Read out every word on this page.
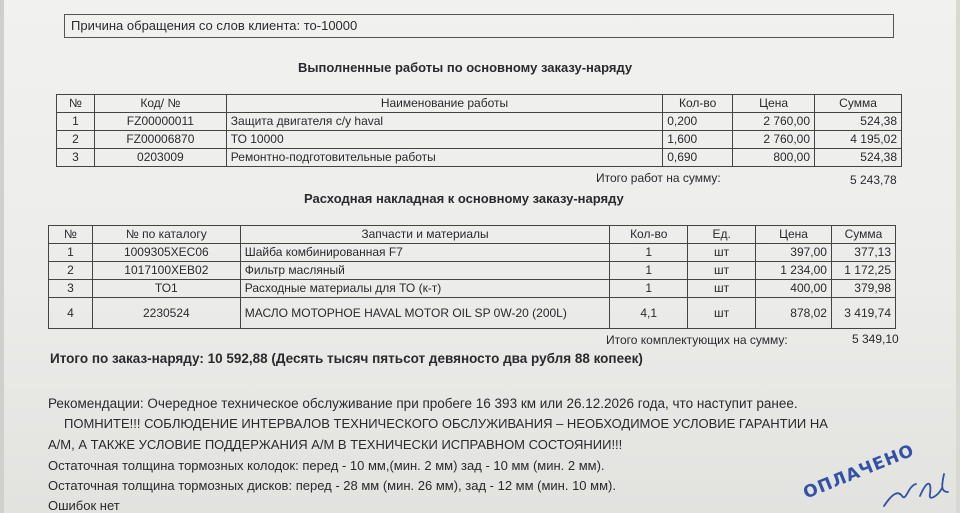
Причина обращения со слов клиента: то-10000
Выполненные работы по основному заказу-наряду
№	Код/ №	Наименование работы	Кол-во	Цена	Сумма
1	FZ00000011	Защита двигателя с/у haval	0,200	2 760,00	524,38
2	FZ00006870	ТО 10000	1,600	2 760,00	4 195,02
3	0203009	Ремонтно-подготовительные работы	0,690	800,00	524,38
Итого работ на сумму:	5 243,78
Расходная накладная к основному заказу-наряду
№	№ по каталогу	Запчасти и материалы	Кол-во	Ед.	Цена	Сумма
1	1009305XEC06	Шайба комбинированная F7	1	шт	397,00	377,13
2	1017100XEB02	Фильтр масляный	1	шт	1 234,00	1 172,25
3	ТО1	Расходные материалы для ТО (к-т)	1	шт	400,00	379,98
4	2230524	МАСЛО МОТОРНОЕ HAVAL MOTOR OIL SP 0W-20 (200L)	4,1	шт	878,02	3 419,74
Итого комплектующих на сумму:	5 349,10
Итого по заказ-наряду: 10 592,88 (Десять тысяч пятьсот девяносто два рубля 88 копеек)
Рекомендации: Очередное техническое обслуживание при пробеге 16 393 км или 26.12.2026 года, что наступит ранее.
ПОМНИТЕ!!! СОБЛЮДЕНИЕ ИНТЕРВАЛОВ ТЕХНИЧЕСКОГО ОБСЛУЖИВАНИЯ – НЕОБХОДИМОЕ УСЛОВИЕ ГАРАНТИИ НА
А/М, А ТАКЖЕ УСЛОВИЕ ПОДДЕРЖАНИЯ А/М В ТЕХНИЧЕСКИ ИСПРАВНОМ СОСТОЯНИИ!!!
Остаточная толщина тормозных колодок: перед - 10 мм,(мин. 2 мм) зад - 10 мм (мин. 2 мм).
Остаточная толщина тормозных дисков: перед - 28 мм (мин. 26 мм), зад - 12 мм (мин. 10 мм).
Ошибок нет
ОПЛАЧЕНО
